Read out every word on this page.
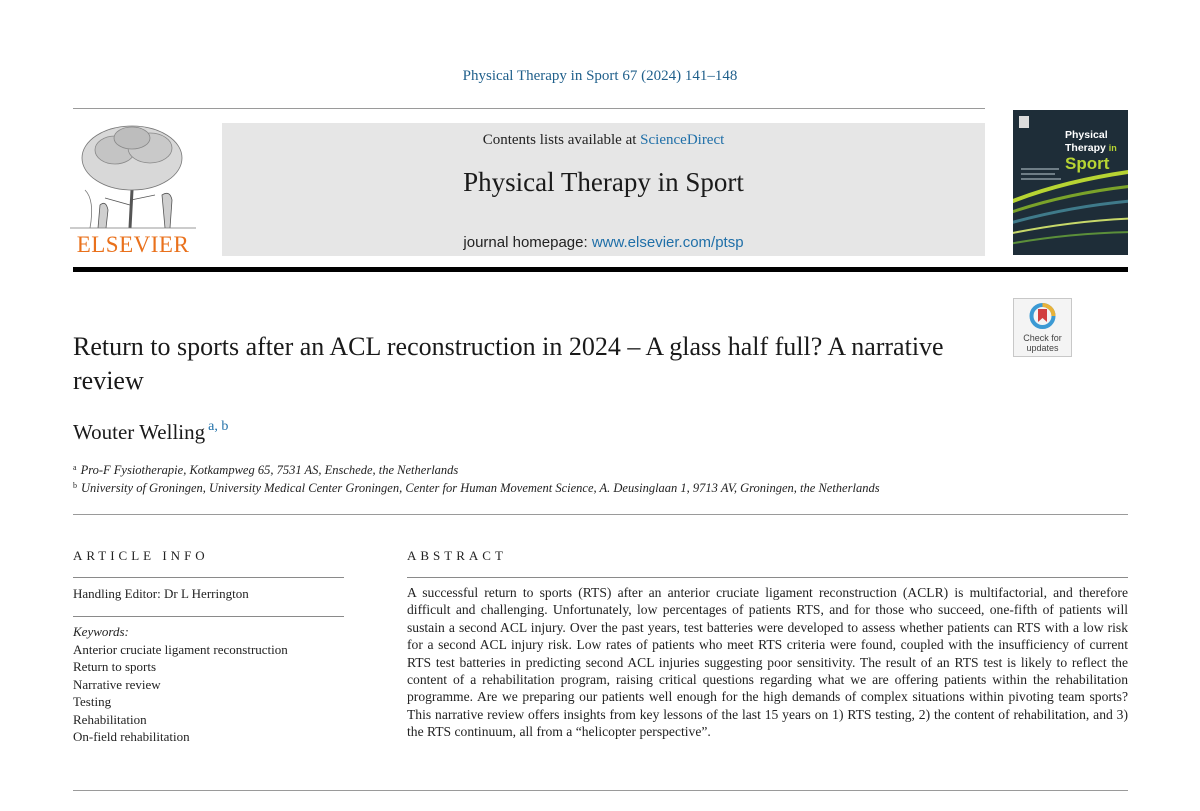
Physical Therapy in Sport 67 (2024) 141–148
ELSEVIER
Contents lists available at ScienceDirect
Physical Therapy in Sport
journal homepage: www.elsevier.com/ptsp
Physical
Therapy in
Sport
Check for
updates
Return to sports after an ACL reconstruction in 2024 – A glass half full? A narrative review
Wouter Welling $^{a, b}$
$^a$ Pro-F Fysiotherapie, Kotkampweg 65, 7531 AS, Enschede, the Netherlands
$^b$ University of Groningen, University Medical Center Groningen, Center for Human Movement Science, A. Deusinglaan 1, 9713 AV, Groningen, the Netherlands
ARTICLE INFO
Handling Editor: Dr L Herrington
Keywords:
Anterior cruciate ligament reconstruction
Return to sports
Narrative review
Testing
Rehabilitation
On-field rehabilitation
ABSTRACT
A successful return to sports (RTS) after an anterior cruciate ligament reconstruction (ACLR) is multifactorial, and therefore difficult and challenging. Unfortunately, low percentages of patients RTS, and for those who succeed, one-fifth of patients will sustain a second ACL injury. Over the past years, test batteries were developed to assess whether patients can RTS with a low risk for a second ACL injury risk. Low rates of patients who meet RTS criteria were found, coupled with the insufficiency of current RTS test batteries in predicting second ACL injuries suggesting poor sensitivity. The result of an RTS test is likely to reflect the content of a rehabilitation program, raising critical questions regarding what we are offering patients within the rehabilitation programme. Are we preparing our patients well enough for the high demands of complex situations within pivoting team sports? This narrative review offers insights from key lessons of the last 15 years on 1) RTS testing, 2) the content of rehabilitation, and 3) the RTS continuum, all from a “helicopter perspective”.
